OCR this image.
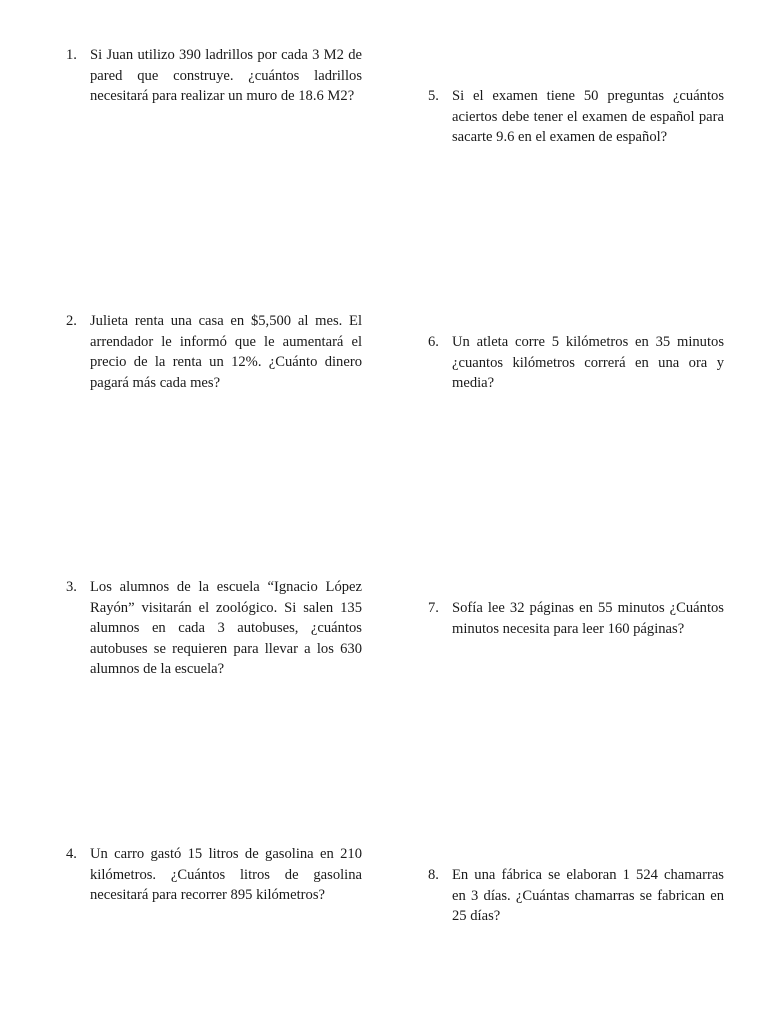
1. Si Juan utilizo 390 ladrillos por cada 3 M2 de pared que construye. ¿cuántos ladrillos necesitará para realizar un muro de 18.6 M2?
2. Julieta renta una casa en $5,500 al mes. El arrendador le informó que le aumentará el precio de la renta un 12%. ¿Cuánto dinero pagará más cada mes?
3. Los alumnos de la escuela “Ignacio López Rayón” visitarán el zoológico. Si salen 135 alumnos en cada 3 autobuses, ¿cuántos autobuses se requieren para llevar a los 630 alumnos de la escuela?
4. Un carro gastó 15 litros de gasolina en 210 kilómetros. ¿Cuántos litros de gasolina necesitará para recorrer 895 kilómetros?
5. Si el examen tiene 50 preguntas ¿cuántos aciertos debe tener el examen de español para sacarte 9.6 en el examen de español?
6. Un atleta corre 5 kilómetros en 35 minutos ¿cuantos kilómetros correrá en una ora y media?
7. Sofía lee 32 páginas en 55 minutos ¿Cuántos minutos necesita para leer 160 páginas?
8. En una fábrica se elaboran 1 524 chamarras en 3 días. ¿Cuántas chamarras se fabrican en 25 días?
